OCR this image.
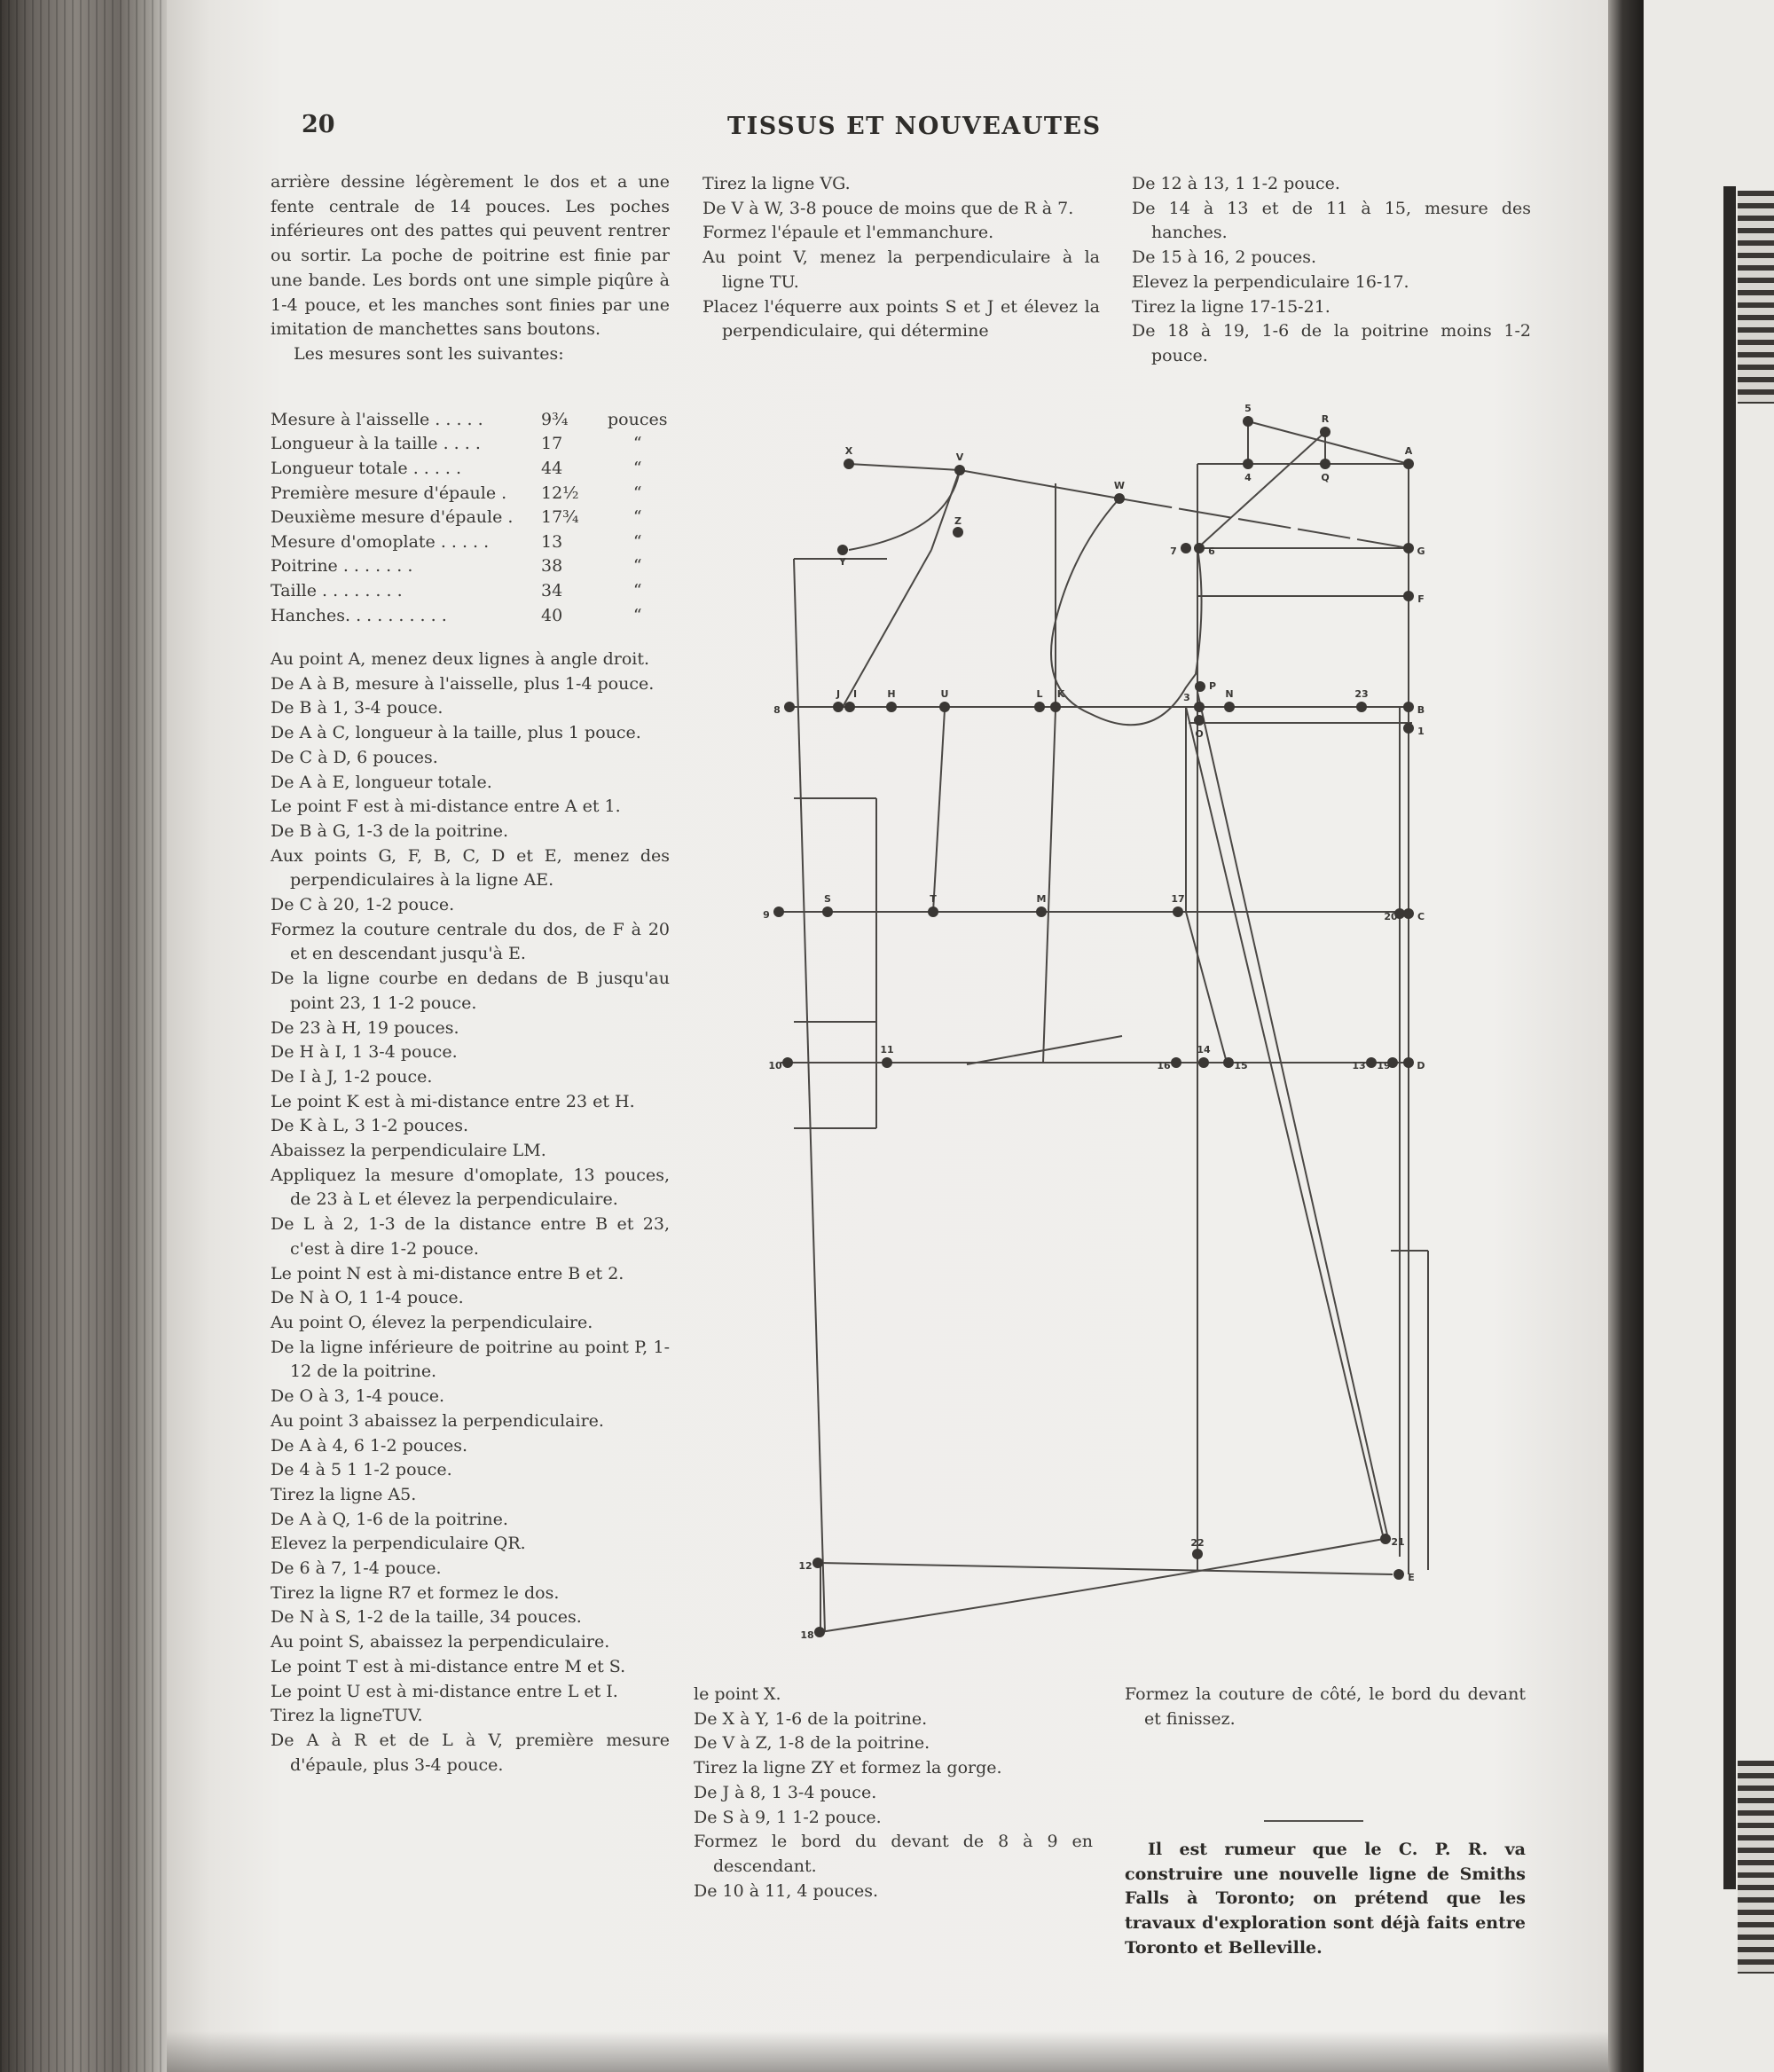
20	TISSUS ET NOUVEAUTES

arrière dessine légèrement le dos et a une fente centrale de 14 pouces. Les poches inférieures ont des pattes qui peuvent rentrer ou sortir. La poche de poitrine est finie par une bande. Les bords ont une simple piqûre à 1-4 pouce, et les manches sont finies par une imitation de manchettes sans boutons.

Les mesures sont les suivantes:

Mesure à l'aisselle . . . . .	9¾	pouces
Longueur à la taille . . . .	17	“
Longueur totale . . . . .	44	“
Première mesure d'épaule .	12½	“
Deuxième mesure d'épaule .	17¾	“
Mesure d'omoplate . . . . .	13	“
Poitrine . . . . . . .	38	“
Taille . . . . . . . .	34	“
Hanches. . . . . . . . . .	40	“

Au point A, menez deux lignes à angle droit.

De A à B, mesure à l'aisselle, plus 1-4 pouce.

De B à 1, 3-4 pouce.

De A à C, longueur à la taille, plus 1 pouce.

De C à D, 6 pouces.

De A à E, longueur totale.

Le point F est à mi-distance entre A et 1.

De B à G, 1-3 de la poitrine.

Aux points G, F, B, C, D et E, menez des perpendiculaires à la ligne AE.

De C à 20, 1-2 pouce.

Formez la couture centrale du dos, de F à 20 et en descendant jusqu'à E.

De la ligne courbe en dedans de B jusqu'au point 23, 1 1-2 pouce.

De 23 à H, 19 pouces.

De H à I, 1 3-4 pouce.

De I à J, 1-2 pouce.

Le point K est à mi-distance entre 23 et H.

De K à L, 3 1-2 pouces.

Abaissez la perpendiculaire LM.

Appliquez la mesure d'omoplate, 13 pouces, de 23 à L et élevez la perpendiculaire.

De L à 2, 1-3 de la distance entre B et 23, c'est à dire 1-2 pouce.

Le point N est à mi-distance entre B et 2.

De N à O, 1 1-4 pouce.

Au point O, élevez la perpendiculaire.

De la ligne inférieure de poitrine au point P, 1-12 de la poitrine.

De O à 3, 1-4 pouce.

Au point 3 abaissez la perpendiculaire.

De A à 4, 6 1-2 pouces.

De 4 à 5 1 1-2 pouce.

Tirez la ligne A5.

De A à Q, 1-6 de la poitrine.

Elevez la perpendiculaire QR.

De 6 à 7, 1-4 pouce.

Tirez la ligne R7 et formez le dos.

De N à S, 1-2 de la taille, 34 pouces.

Au point S, abaissez la perpendiculaire.

Le point T est à mi-distance entre M et S.

Le point U est à mi-distance entre L et I.

Tirez la ligneTUV.

De A à R et de L à V, première mesure d'épaule, plus 3-4 pouce.

Tirez la ligne VG.

De V à W, 3-8 pouce de moins que de R à 7.

Formez l'épaule et l'emmanchure.

Au point V, menez la perpendiculaire à la ligne TU.

Placez l'équerre aux points S et J et élevez la perpendiculaire, qui détermine

De 12 à 13, 1 1-2 pouce.

De 14 à 13 et de 11 à 15, mesure des hanches.

De 15 à 16, 2 pouces.

Elevez la perpendiculaire 16-17.

Tirez la ligne 17-15-21.

De 18 à 19, 1-6 de la poitrine moins 1-2 pouce.

le point X.

De X à Y, 1-6 de la poitrine.

De V à Z, 1-8 de la poitrine.

Tirez la ligne ZY et formez la gorge.

De J à 8, 1 3-4 pouce.

De S à 9, 1 1-2 pouce.

Formez le bord du devant de 8 à 9 en descendant.

De 10 à 11, 4 pouces.

Formez la couture de côté, le bord du devant et finissez.

Il est rumeur que le C. P. R. va construire une nouvelle ligne de Smiths Falls à Toronto; on prétend que les travaux d'exploration sont déjà faits entre Toronto et Belleville.

X
V
W
Z
Y
5
R
A
4	Q
7	6	G
F
P
3
O
N	23
B
1
8
J I	H	U	L K
9
S	T	M	17
20 C
10
11
16
14
15	13 19	D
12
21
18
22
E
